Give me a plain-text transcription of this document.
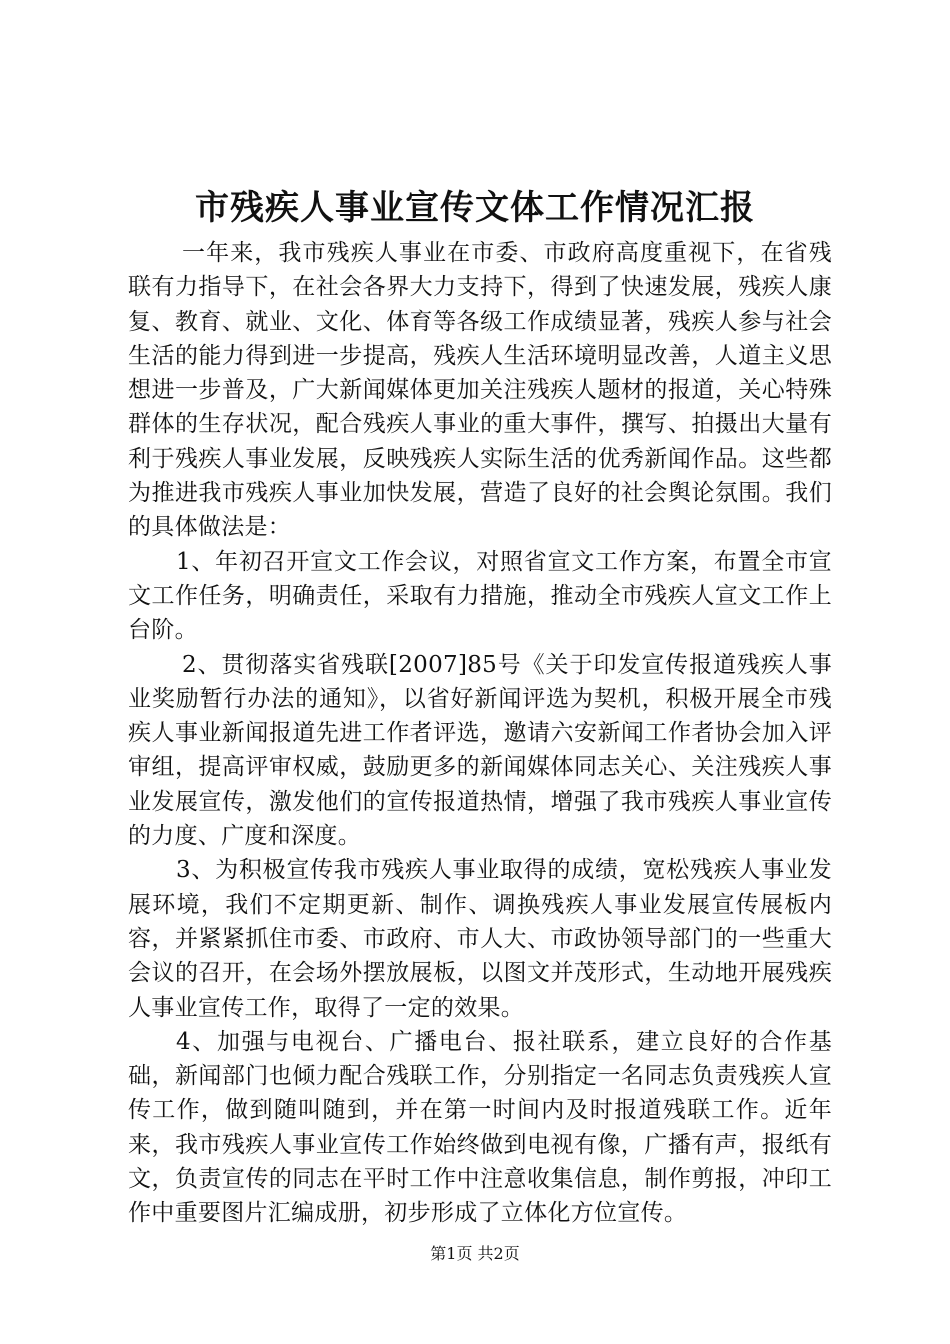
市残疾人事业宣传文体工作情况汇报

一年来，我市残疾人事业在市委、市政府高度重视下，在省残联有力指导下，在社会各界大力支持下，得到了快速发展，残疾人康复、教育、就业、文化、体育等各级工作成绩显著，残疾人参与社会生活的能力得到进一步提高，残疾人生活环境明显改善，人道主义思想进一步普及，广大新闻媒体更加关注残疾人题材的报道，关心特殊群体的生存状况，配合残疾人事业的重大事件，撰写、拍摄出大量有利于残疾人事业发展，反映残疾人实际生活的优秀新闻作品。这些都为推进我市残疾人事业加快发展，营造了良好的社会舆论氛围。我们的具体做法是：

1、年初召开宣文工作会议，对照省宣文工作方案，布置全市宣文工作任务，明确责任，采取有力措施，推动全市残疾人宣文工作上台阶。

2、贯彻落实省残联[2007]85号《关于印发宣传报道残疾人事业奖励暂行办法的通知》，以省好新闻评选为契机，积极开展全市残疾人事业新闻报道先进工作者评选，邀请六安新闻工作者协会加入评审组，提高评审权威，鼓励更多的新闻媒体同志关心、关注残疾人事业发展宣传，激发他们的宣传报道热情，增强了我市残疾人事业宣传的力度、广度和深度。

3、为积极宣传我市残疾人事业取得的成绩，宽松残疾人事业发展环境，我们不定期更新、制作、调换残疾人事业发展宣传展板内容，并紧紧抓住市委、市政府、市人大、市政协领导部门的一些重大会议的召开，在会场外摆放展板，以图文并茂形式，生动地开展残疾人事业宣传工作，取得了一定的效果。

4、加强与电视台、广播电台、报社联系，建立良好的合作基础，新闻部门也倾力配合残联工作，分别指定一名同志负责残疾人宣传工作，做到随叫随到，并在第一时间内及时报道残联工作。近年来，我市残疾人事业宣传工作始终做到电视有像，广播有声，报纸有文，负责宣传的同志在平时工作中注意收集信息，制作剪报，冲印工作中重要图片汇编成册，初步形成了立体化方位宣传。

第1页 共2页
